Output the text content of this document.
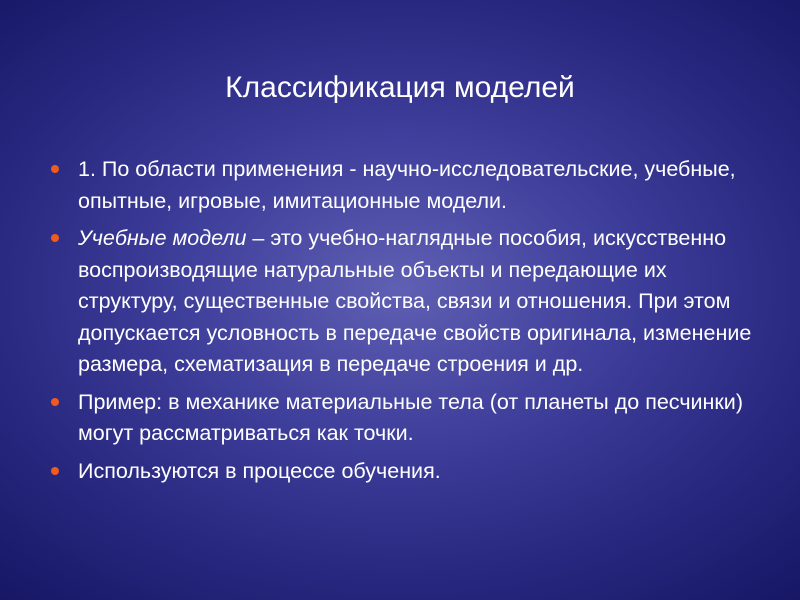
Классификация моделей
1. По области применения - научно-исследовательские, учебные, опытные, игровые, имитационные модели.
Учебные модели – это учебно-наглядные пособия, искусственно воспроизводящие натуральные объекты и передающие их структуру, существенные свойства, связи и отношения. При этом допускается условность в передаче свойств оригинала, изменение размера, схематизация в передаче строения и др.
Пример: в механике материальные тела (от планеты до песчинки) могут рассматриваться как точки.
Используются в процессе обучения.
